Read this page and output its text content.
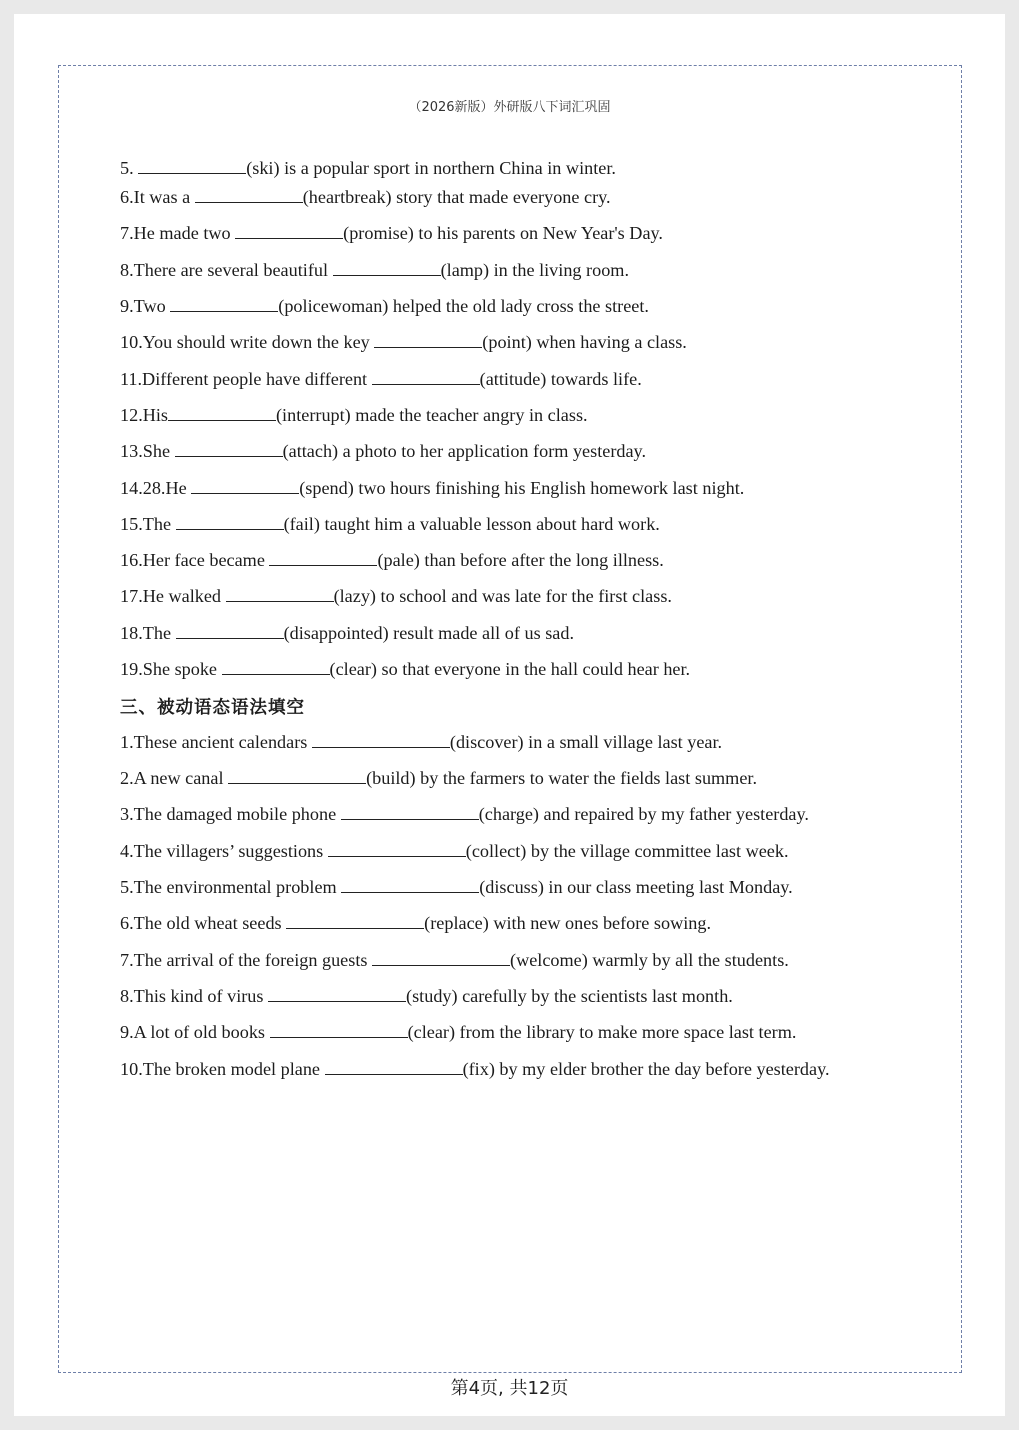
（2026新版）外研版八下词汇巩固
5.	(ski) is a popular sport in northern China in winter.
6.It was a	(heartbreak) story that made everyone cry.
7.He made two	(promise) to his parents on New Year's Day.
8.There are several beautiful	(lamp) in the living room.
9.Two	(policewoman) helped the old lady cross the street.
10.You should write down the key	(point) when having a class.
11.Different people have different	(attitude) towards life.
12.His	(interrupt) made the teacher angry in class.
13.She	(attach) a photo to her application form yesterday.
14.28.He	(spend) two hours finishing his English homework last night.
15.The	(fail) taught him a valuable lesson about hard work.
16.Her face became	(pale) than before after the long illness.
17.He walked	(lazy) to school and was late for the first class.
18.The	(disappointed) result made all of us sad.
19.She spoke	(clear) so that everyone in the hall could hear her.
三、被动语态语法填空
1.These ancient calendars	(discover) in a small village last year.
2.A new canal	(build) by the farmers to water the fields last summer.
3.The damaged mobile phone	(charge) and repaired by my father yesterday.
4.The villagers’ suggestions	(collect) by the village committee last week.
5.The environmental problem	(discuss) in our class meeting last Monday.
6.The old wheat seeds	(replace) with new ones before sowing.
7.The arrival of the foreign guests	(welcome) warmly by all the students.
8.This kind of virus	(study) carefully by the scientists last month.
9.A lot of old books	(clear) from the library to make more space last term.
10.The broken model plane	(fix) by my elder brother the day before yesterday.
第4页, 共12页
